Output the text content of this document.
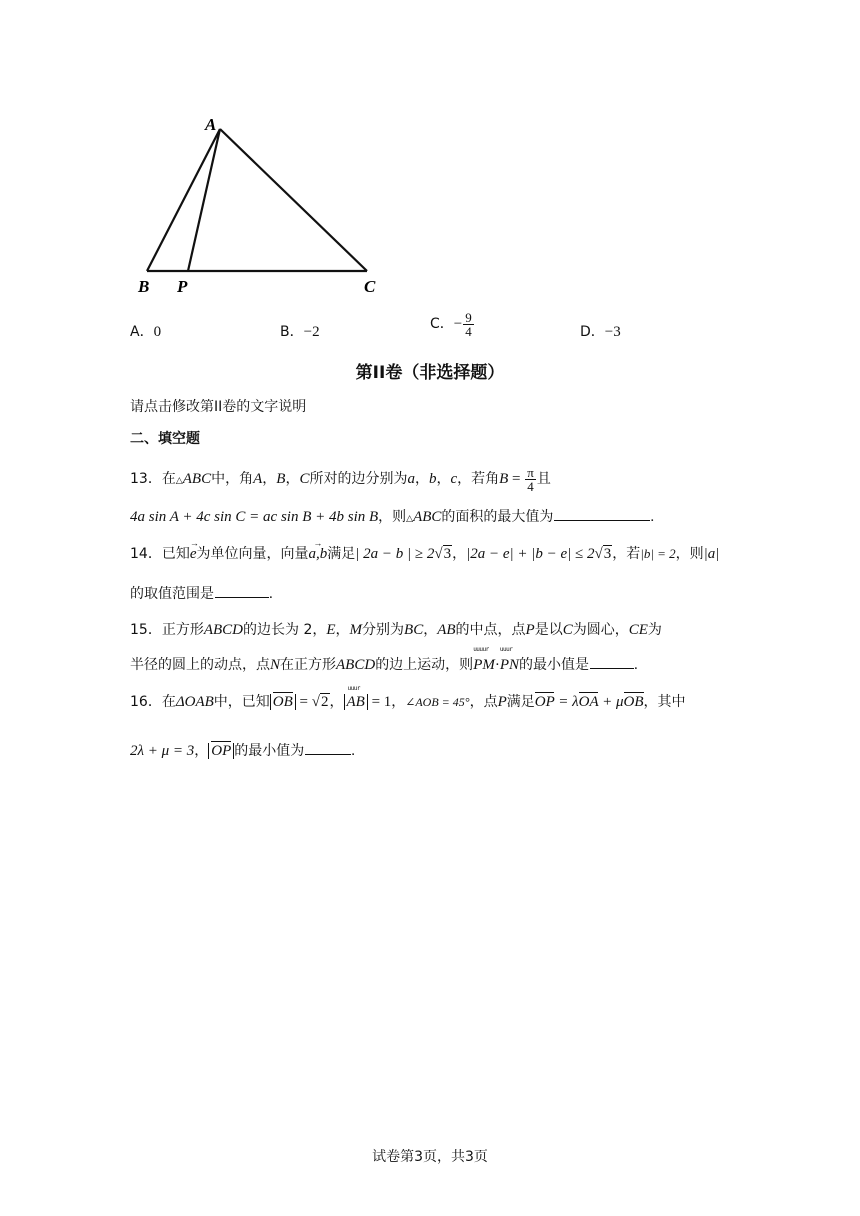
A
B P	C
A．0	B．−2
C．− $\frac{9}{4}$	D．−3
第II卷（非选择题）
请点击修改第II卷的文字说明
二、填空题
13．在△ABC中，角A，B，C所对的边分别为a，b，c，若角$B = \frac{\pi}{4}$ 且
4a sin A + 4c sin C = ac sin B + 4b sin B，则△ABC的面积的最大值为	.
14．已知→ e为单位向量，向量→ a,b满足| 2a − b | ≥ 2√3，|2a − e| + |b − e| ≤ 2√3，若|b| = 2，则|a|
的取值范围是	.
15．正方形ABCD的边长为 2，E，M分别为BC，AB的中点，点P是以C为圆心，CE为
半径的圆上的动点，点N在正方形ABCD的边上运动，则
uuuur
PM·
uuur
PN的最小值是	.
16．在ΔOAB中，已知 OB = √2，
uuur
AB = 1，∠AOB = 45°，点P满足OP = λOA + μOB，其中
2λ + μ = 3， OP 的最小值为	.
试卷第3页，共3页
